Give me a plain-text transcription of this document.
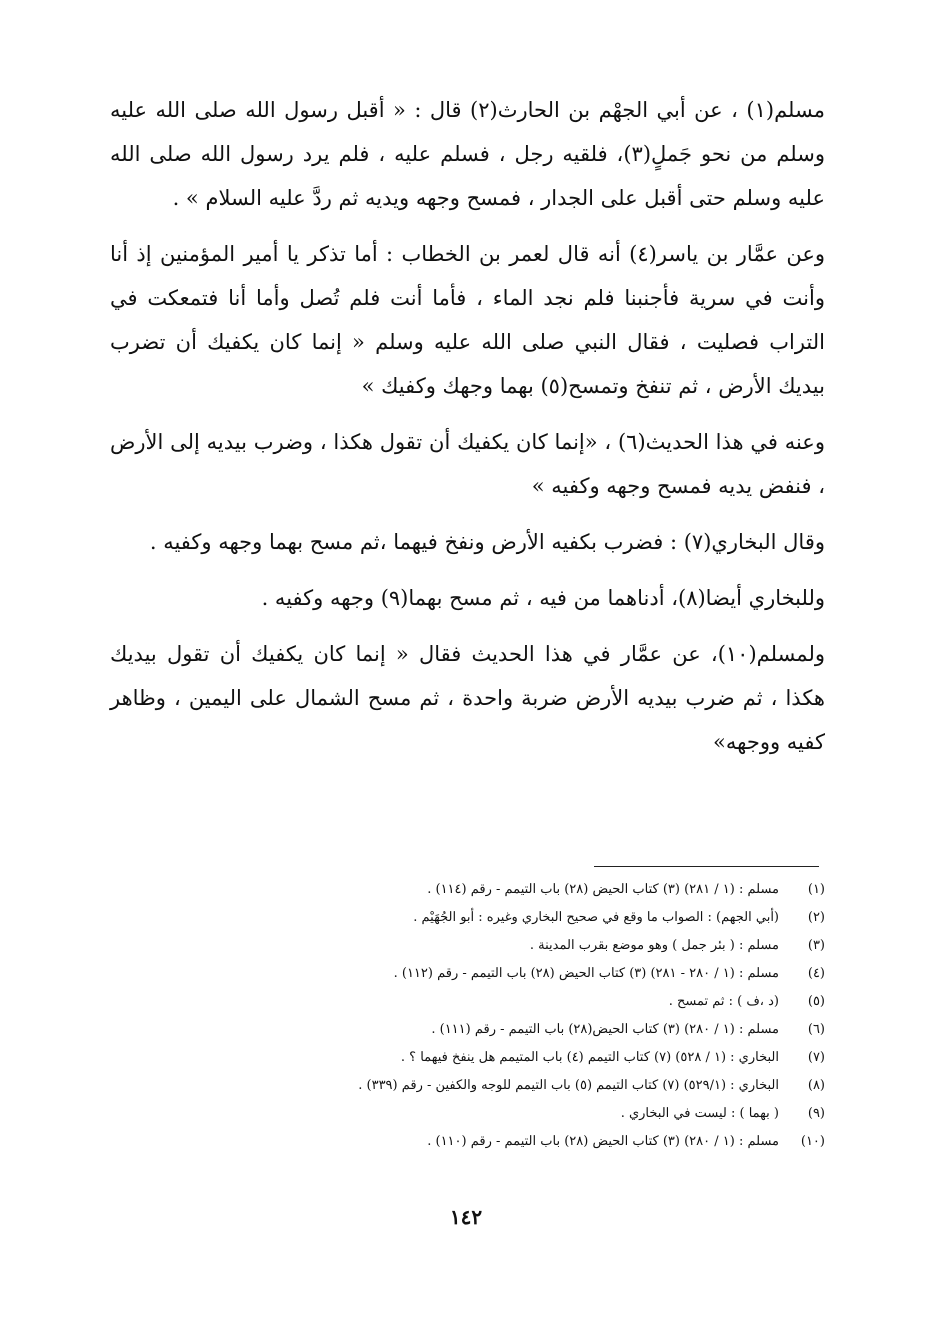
مسلم(١) ، عن أبي الجهْم بن الحارث(٢) قال : « أقبل رسول الله صلى الله عليه وسلم من نحو جَملٍ(٣)، فلقيه رجل ، فسلم عليه ، فلم يرد رسول الله صلى الله عليه وسلم حتى أقبل على الجدار ، فمسح وجهه ويديه ثم ردَّ عليه السلام » .

وعن عمَّار بن ياسر(٤) أنه قال لعمر بن الخطاب : أما تذكر يا أمير المؤمنين إذ أنا وأنت في سرية فأجنبنا فلم نجد الماء ، فأما أنت فلم تُصل وأما أنا فتمعكت في التراب فصليت ، فقال النبي صلى الله عليه وسلم « إنما كان يكفيك أن تضرب بيديك الأرض ، ثم تنفخ وتمسح(٥) بهما وجهك وكفيك »

وعنه في هذا الحديث(٦) ، «إنما كان يكفيك أن تقول هكذا ، وضرب بيديه إلى الأرض ، فنفض يديه فمسح وجهه وكفيه »

وقال البخاري(٧) : فضرب بكفيه الأرض ونفخ فيهما ،ثم مسح بهما وجهه وكفيه .

وللبخاري أيضا(٨)، أدناهما من فيه ، ثم مسح بهما(٩) وجهه وكفيه .

ولمسلم(١٠)، عن عمَّار في هذا الحديث فقال « إنما كان يكفيك أن تقول بيديك هكذا ، ثم ضرب بيديه الأرض ضربة واحدة ، ثم مسح الشمال على اليمين ، وظاهر كفيه ووجهه»

(١)
مسلم : (١ / ٢٨١) (٣) كتاب الحيض (٢٨) باب التيمم - رقم (١١٤) .
(٢)
(أبي الجهم) : الصواب ما وقع في صحيح البخاري وغيره : أبو الجُهَيْم .
(٣)
مسلم : ( بئر جمل ) وهو موضع بقرب المدينة .
(٤)
مسلم : (١ / ٢٨٠ - ٢٨١) (٣) كتاب الحيض (٢٨) باب التيمم - رقم (١١٢) .
(٥)
(د ،ف ) : ثم تمسح .
(٦)
مسلم : (١ / ٢٨٠) (٣) كتاب الحيض(٢٨) باب التيمم - رقم (١١١) .
(٧)
البخاري : (١ / ٥٢٨) (٧) كتاب التيمم (٤) باب المتيمم هل ينفخ فيهما ؟ .
(٨)
البخاري : (٥٢٩/١) (٧) كتاب التيمم (٥) باب التيمم للوجه والكفين - رقم (٣٣٩) .
(٩)
( بهما ) : ليست في البخاري .
(١٠)
مسلم : (١ / ٢٨٠) (٣) كتاب الحيض (٢٨) باب التيمم - رقم (١١٠) .
١٤٢
